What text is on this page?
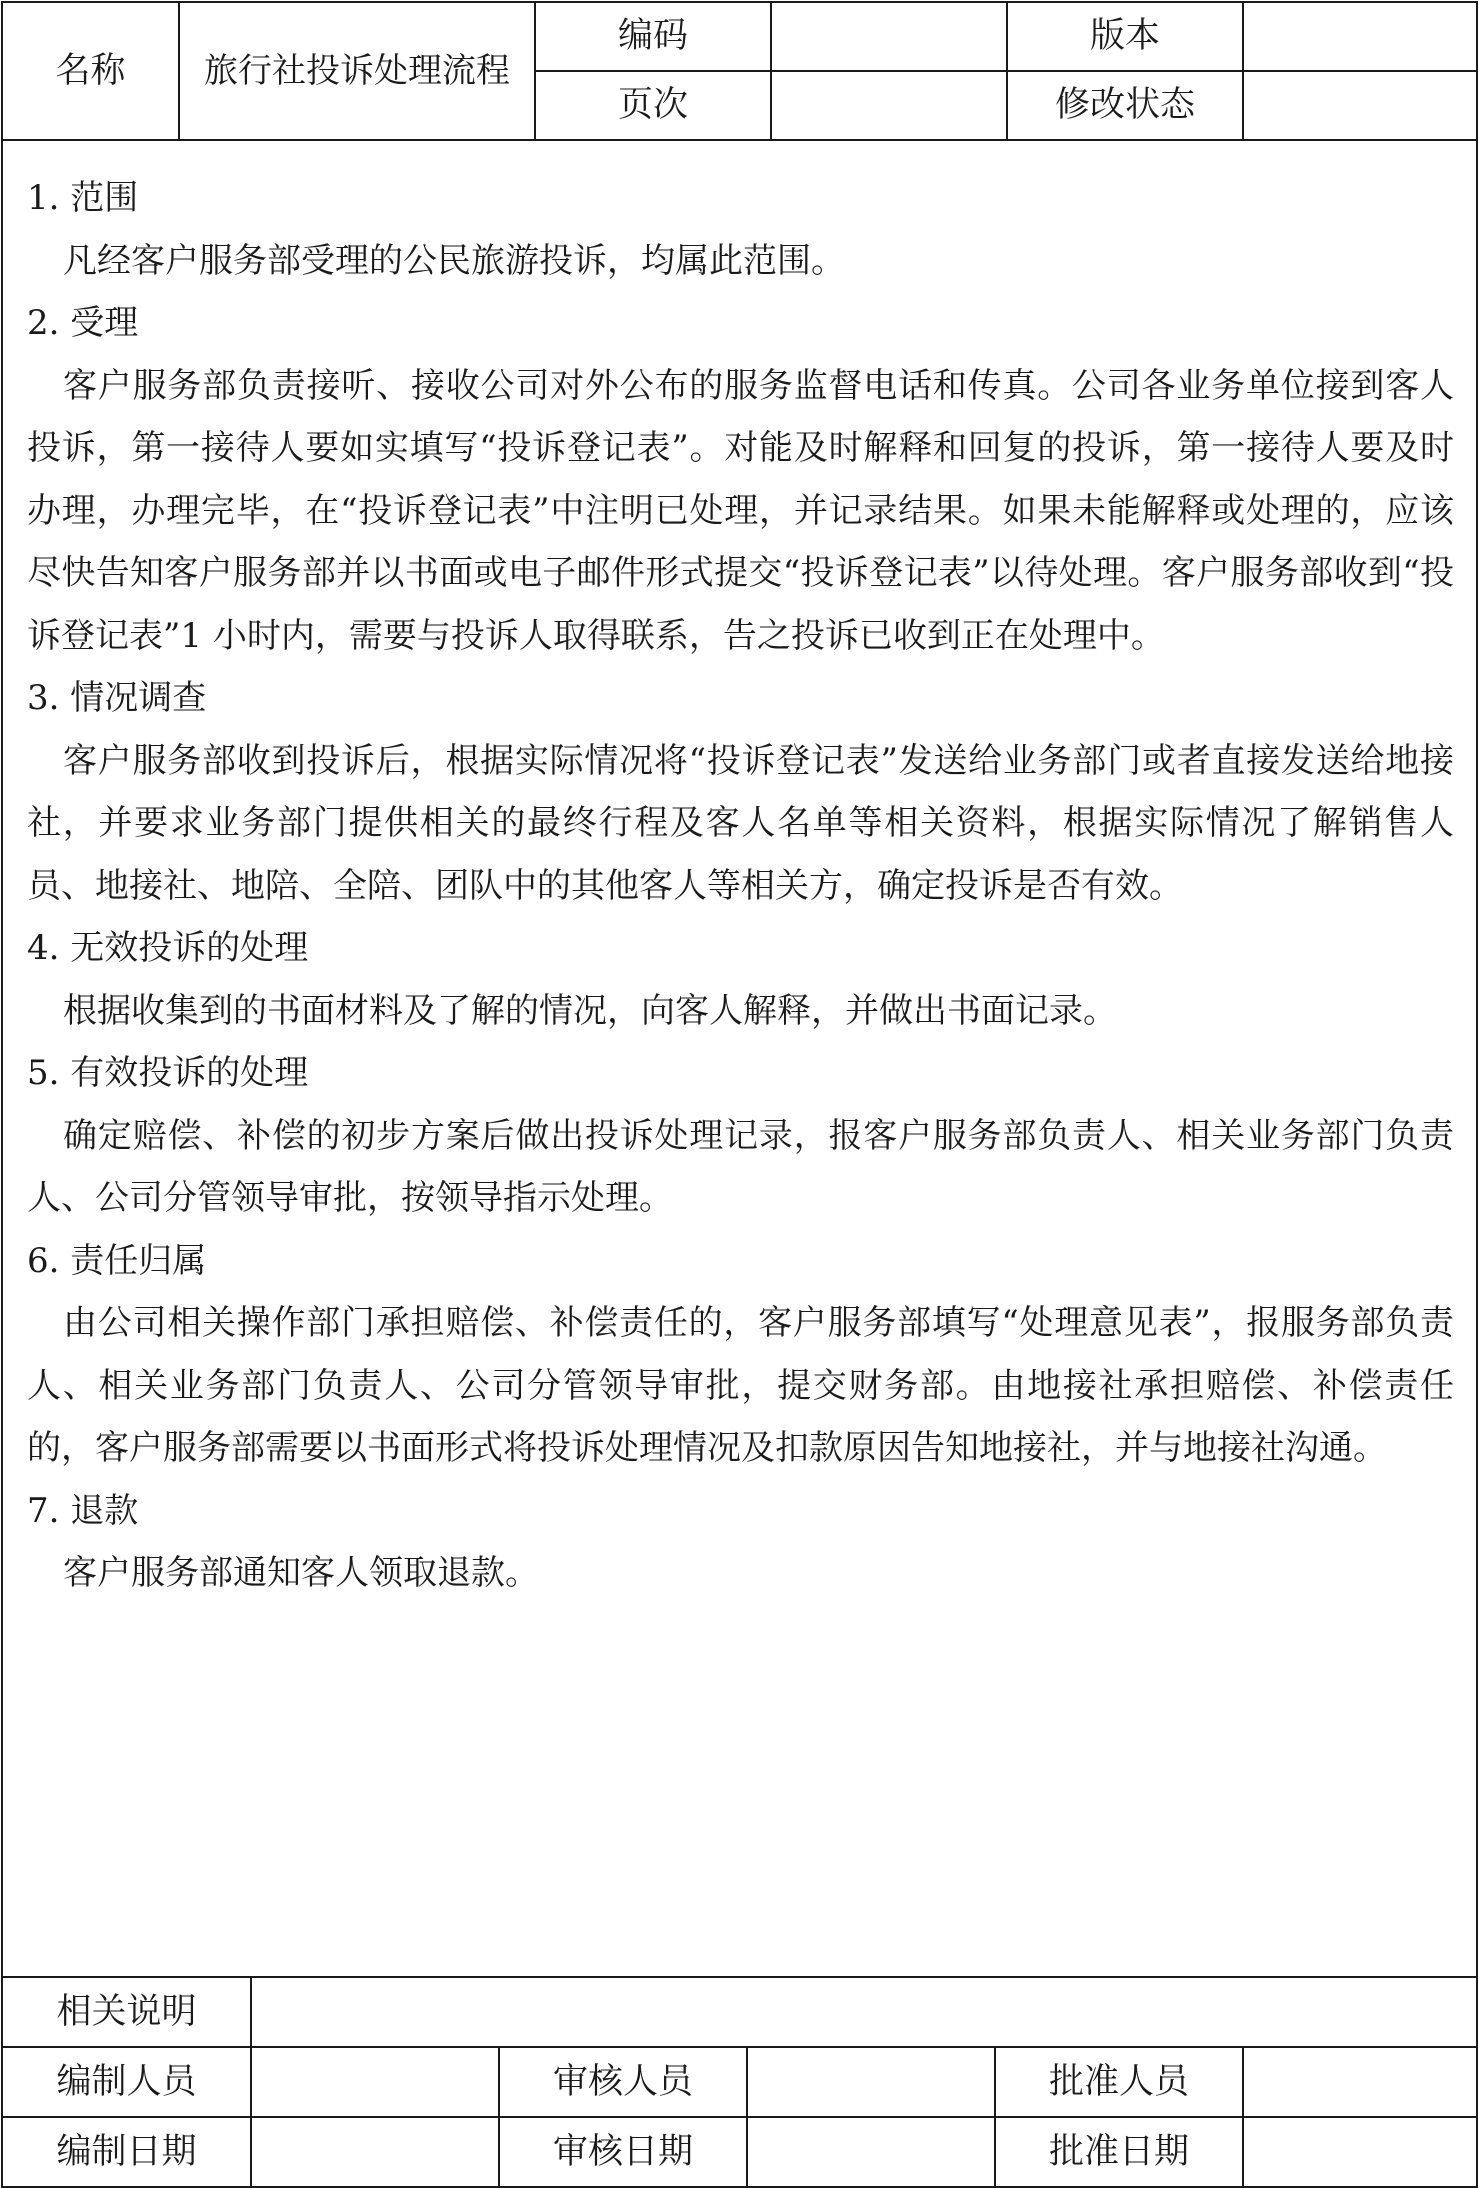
名称	旅行社投诉处理流程	编码		版本	
		页次		修改状态	

1. 范围

凡经客户服务部受理的公民旅游投诉，均属此范围。

2. 受理

客户服务部负责接听、接收公司对外公布的服务监督电话和传真。公司各业务单位接到客人投诉，第一接待人要如实填写“投诉登记表”。对能及时解释和回复的投诉，第一接待人要及时办理，办理完毕，在“投诉登记表”中注明已处理，并记录结果。如果未能解释或处理的，应该尽快告知客户服务部并以书面或电子邮件形式提交“投诉登记表”以待处理。客户服务部收到“投诉登记表”1 小时内，需要与投诉人取得联系，告之投诉已收到正在处理中。

3. 情况调查

客户服务部收到投诉后，根据实际情况将“投诉登记表”发送给业务部门或者直接发送给地接社，并要求业务部门提供相关的最终行程及客人名单等相关资料，根据实际情况了解销售人员、地接社、地陪、全陪、团队中的其他客人等相关方，确定投诉是否有效。

4. 无效投诉的处理

根据收集到的书面材料及了解的情况，向客人解释，并做出书面记录。

5. 有效投诉的处理

确定赔偿、补偿的初步方案后做出投诉处理记录，报客户服务部负责人、相关业务部门负责人、公司分管领导审批，按领导指示处理。

6. 责任归属

由公司相关操作部门承担赔偿、补偿责任的，客户服务部填写“处理意见表”，报服务部负责人、相关业务部门负责人、公司分管领导审批，提交财务部。由地接社承担赔偿、补偿责任的，客户服务部需要以书面形式将投诉处理情况及扣款原因告知地接社，并与地接社沟通。

7. 退款

客户服务部通知客人领取退款。

相关说明					
编制人员		审核人员		批准人员	
编制日期		审核日期		批准日期	
